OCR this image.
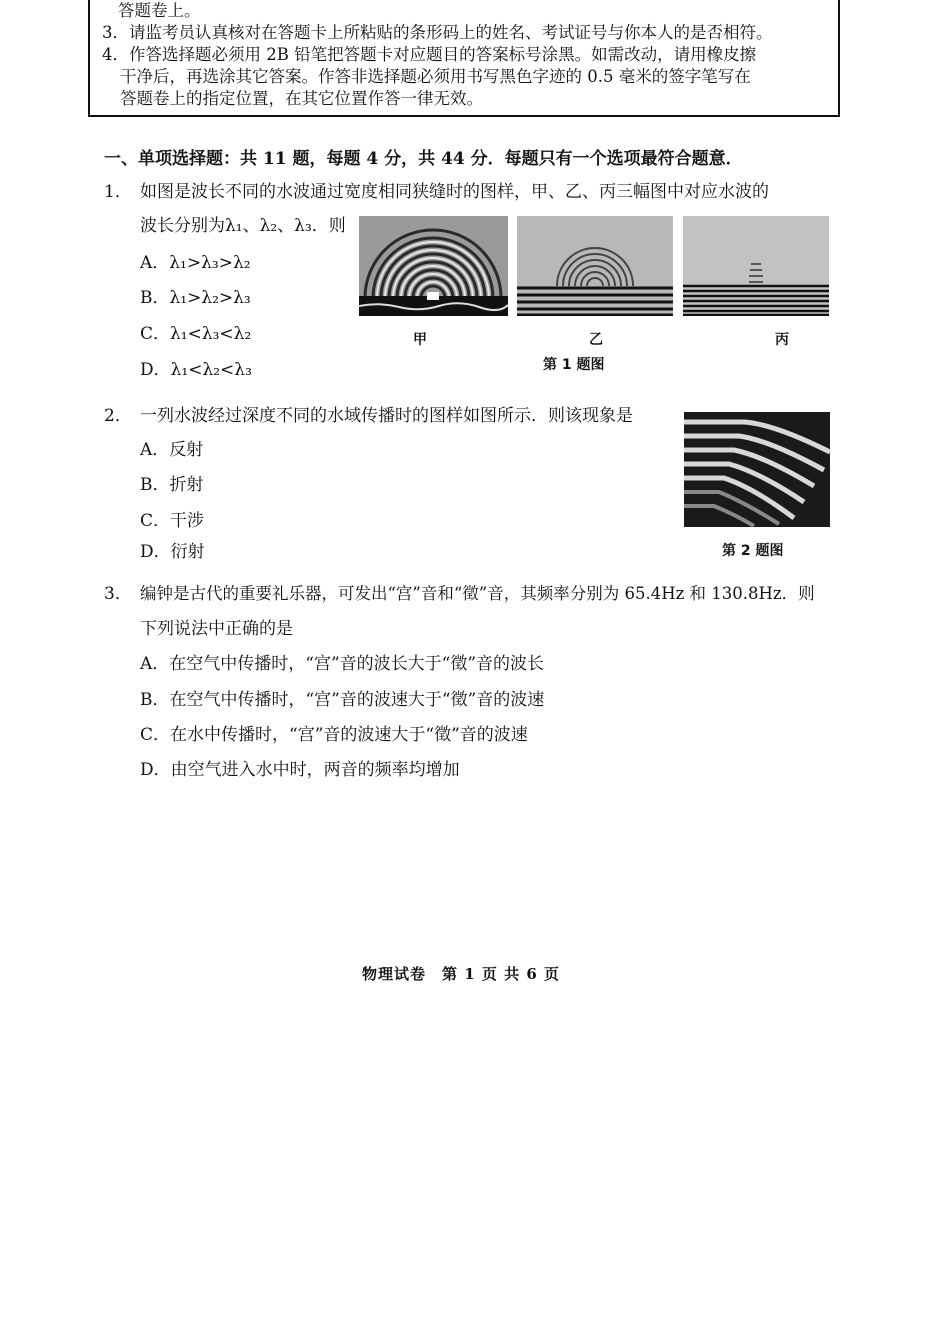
答题卷上。
3．请监考员认真核对在答题卡上所粘贴的条形码上的姓名、考试证号与你本人的是否相符。
4．作答选择题必须用 2B 铅笔把答题卡对应题目的答案标号涂黑。如需改动，请用橡皮擦
干净后，再选涂其它答案。作答非选择题必须用书写黑色字迹的 0.5 毫米的签字笔写在
答题卷上的指定位置，在其它位置作答一律无效。
一、单项选择题：共 11 题，每题 4 分，共 44 分．每题只有一个选项最符合题意．
1． 如图是波长不同的水波通过宽度相同狭缝时的图样，甲、乙、丙三幅图中对应水波的
波长分别为λ₁、λ₂、λ₃．则
A．λ₁>λ₃>λ₂
B．λ₁>λ₂>λ₃
C．λ₁<λ₃<λ₂
D．λ₁<λ₂<λ₃
甲	乙	丙
第 1 题图
2． 一列水波经过深度不同的水域传播时的图样如图所示．则该现象是
A．反射
B．折射
C．干涉
D．衍射	第 2 题图
3． 编钟是古代的重要礼乐器，可发出“宫”音和“徵”音，其频率分别为 65.4Hz 和 130.8Hz．则
下列说法中正确的是
A．在空气中传播时，“宫”音的波长大于“徵”音的波长
B．在空气中传播时，“宫”音的波速大于“徵”音的波速
C．在水中传播时，“宫”音的波速大于“徵”音的波速
D．由空气进入水中时，两音的频率均增加
物理试卷　第 1 页 共 6 页
